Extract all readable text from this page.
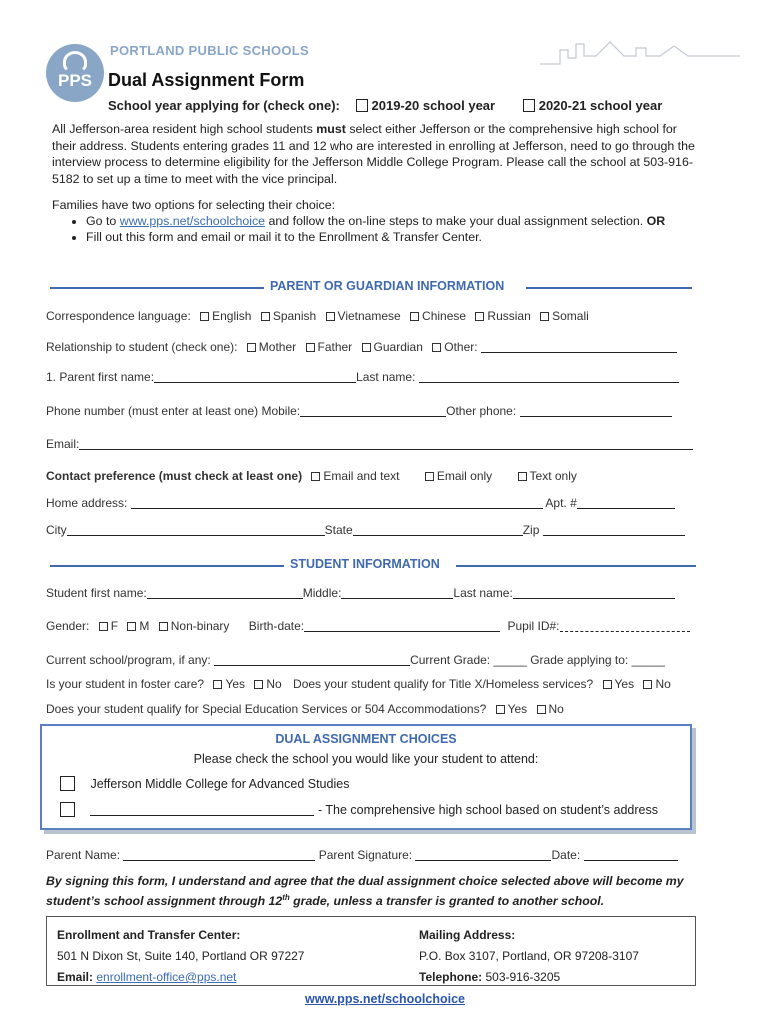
PPS
PORTLAND PUBLIC SCHOOLS
Dual Assignment Form
School year applying for (check one): 2019-20 school year	2020-21 school year
All Jefferson-area resident high school students must select either Jefferson or the comprehensive high school for their address. Students entering grades 11 and 12 who are interested in enrolling at Jefferson, need to go through the interview process to determine eligibility for the Jefferson Middle College Program. Please call the school at 503-916-5182 to set up a time to meet with the vice principal.
Families have two options for selecting their choice:
• Go to www.pps.net/schoolchoice and follow the on-line steps to make your dual assignment selection. OR
• Fill out this form and email or mail it to the Enrollment & Transfer Center.
PARENT OR GUARDIAN INFORMATION
Correspondence language: English Spanish Vietnamese Chinese Russian Somali
Relationship to student (check one): Mother Father Guardian Other:
1. Parent first name:	Last name:
Phone number (must enter at least one) Mobile:	Other phone:
Email:
Contact preference (must check at least one) Email and text	Email only	Text only
Home address:	Apt. #
City	State	Zip
STUDENT INFORMATION
Student first name:	Middle:	Last name:
Gender: F M Non-binary Birth-date:	Pupil ID#:
Current school/program, if any:	Current Grade: _____ Grade applying to: _____
Is your student in foster care? Yes No Does your student qualify for Title X/Homeless services? Yes No
Does your student qualify for Special Education Services or 504 Accommodations? Yes No
DUAL ASSIGNMENT CHOICES
Please check the school you would like your student to attend:
Jefferson Middle College for Advanced Studies
- The comprehensive high school based on student’s address
Parent Name:	Parent Signature:	Date:
By signing this form, I understand and agree that the dual assignment choice selected above will become my student’s school assignment through 12th grade, unless a transfer is granted to another school.
Enrollment and Transfer Center:
501 N Dixon St, Suite 140, Portland OR 97227
Email: enrollment-office@pps.net
Mailing Address:
P.O. Box 3107, Portland, OR 97208-3107
Telephone: 503-916-3205
www.pps.net/schoolchoice
